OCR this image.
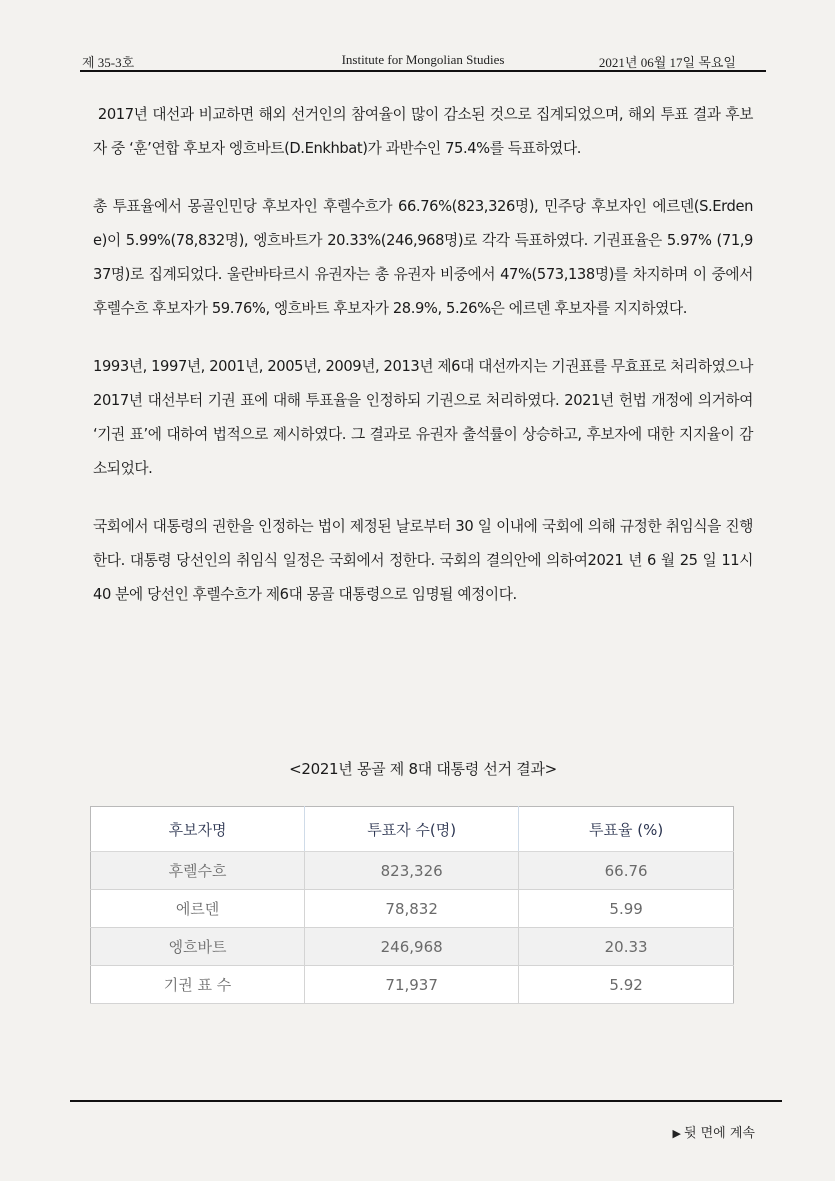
제 35-3호	Institute for Mongolian Studies	2021년 06월 17일 목요일

2017년 대선과 비교하면 해외 선거인의 참여율이 많이 감소된 것으로 집계되었으며, 해외 투표 결과 후보자 중 ‘훈’연합 후보자 엥흐바트(D.Enkhbat)가 과반수인 75.4%를 득표하였다.

총 투표율에서 몽골인민당 후보자인 후렐수흐가 66.76%(823,326명), 민주당 후보자인 에르덴(S.Erdene)이 5.99%(78,832명), 엥흐바트가 20.33%(246,968명)로 각각 득표하였다. 기권표율은 5.97% (71,937명)로 집계되었다. 울란바타르시 유권자는 총 유권자 비중에서 47%(573,138명)를 차지하며 이 중에서 후렐수흐 후보자가 59.76%, 엥흐바트 후보자가 28.9%, 5.26%은 에르덴 후보자를 지지하였다.

1993년, 1997년, 2001년, 2005년, 2009년, 2013년 제6대 대선까지는 기권표를 무효표로 처리하였으나2017년 대선부터 기권 표에 대해 투표율을 인정하되 기권으로 처리하였다. 2021년 헌법 개정에 의거하여 ‘기권 표’에 대하여 법적으로 제시하였다. 그 결과로 유권자 출석률이 상승하고, 후보자에 대한 지지율이 감소되었다.

국회에서 대통령의 권한을 인정하는 법이 제정된 날로부터 30 일 이내에 국회에 의해 규정한 취임식을 진행한다. 대통령 당선인의 취임식 일정은 국회에서 정한다. 국회의 결의안에 의하여2021 년 6 월 25 일 11시 40 분에 당선인 후렐수흐가 제6대 몽골 대통령으로 임명될 예정이다.

<2021년 몽골 제 8대 대통령 선거 결과>
후보자명	투표자 수(명)	투표율 (%)
후렐수흐	823,326	66.76
에르덴	78,832	5.99
엥흐바트	246,968	20.33
기권 표 수	71,937	5.92
▶ 뒷 면에 계속
